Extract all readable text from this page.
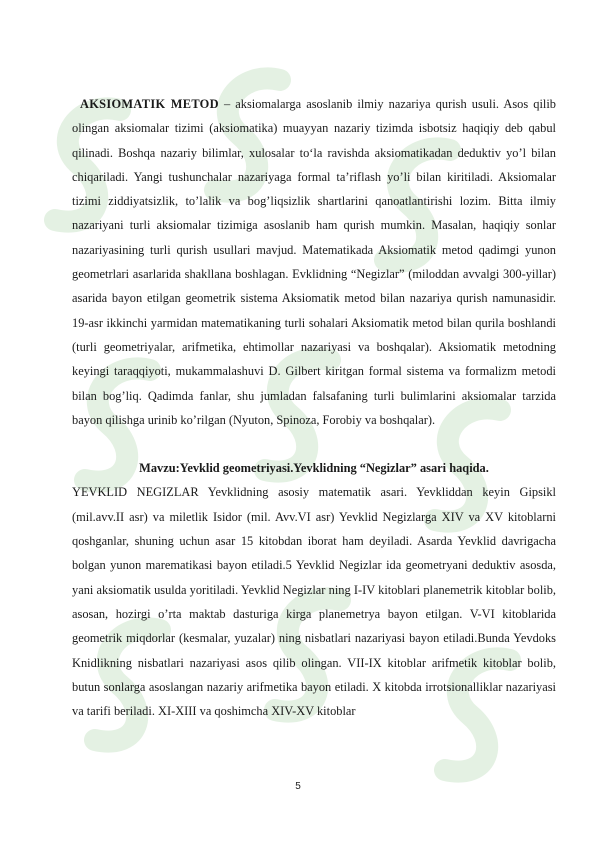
AKSIOMATIK METOD – aksiomalarga asoslanib ilmiy nazariya qurish usuli. Asos qilib olingan aksiomalar tizimi (aksiomatika) muayyan nazariy tizimda isbotsiz haqiqiy deb qabul qilinadi. Boshqa nazariy bilimlar, xulosalar toʻla ravishda aksiomatikadan deduktiv yo’l bilan chiqariladi. Yangi tushunchalar nazariyaga formal ta’riflash yo’li bilan kiritiladi. Aksiomalar tizimi ziddiyatsizlik, to’lalik va bog’liqsizlik shartlarini qanoatlantirishi lozim. Bitta ilmiy nazariyani turli aksiomalar tizimiga asoslanib ham qurish mumkin. Masalan, haqiqiy sonlar nazariyasining turli qurish usullari mavjud. Matematikada Aksiomatik metod qadimgi yunon geometrlari asarlarida shakllana boshlagan. Evklidning “Negizlar” (miloddan avvalgi 300-yillar) asarida bayon etilgan geometrik sistema Aksiomatik metod bilan nazariya qurish namunasidir. 19-asr ikkinchi yarmidan matematikaning turli sohalari Aksiomatik metod bilan qurila boshlandi (turli geometriyalar, arifmetika, ehtimollar nazariyasi va boshqalar). Aksiomatik metodning keyingi taraqqiyoti, mukammalashuvi D. Gilbert kiritgan formal sistema va formalizm metodi bilan bog’liq. Qadimda fanlar, shu jumladan falsafaning turli bulimlarini aksiomalar tarzida bayon qilishga urinib ko’rilgan (Nyuton, Spinoza, Forobiy va boshqalar).

Mavzu:Yevklid geometriyasi.Yevklidning “Negizlar” asari haqida.

YEVKLID NEGIZLAR Yevklidning asosiy matematik asari. Yevkliddan keyin Gipsikl (mil.avv.II asr) va miletlik Isidor (mil. Avv.VI asr) Yevklid Negizlarga XIV va XV kitoblarni qoshganlar, shuning uchun asar 15 kitobdan iborat ham deyiladi. Asarda Yevklid davrigacha bolgan yunon marematikasi bayon etiladi.5 Yevklid Negizlar ida geometryani deduktiv asosda, yani aksiomatik usulda yoritiladi. Yevklid Negizlar ning I-IV kitoblari planemetrik kitoblar bolib, asosan, hozirgi o’rta maktab dasturiga kirga planemetrya bayon etilgan. V-VI kitoblarida geometrik miqdorlar (kesmalar, yuzalar) ning nisbatlari nazariyasi bayon etiladi.Bunda Yevdoks Knidlikning nisbatlari nazariyasi asos qilib olingan. VII-IX kitoblar arifmetik kitoblar bolib, butun sonlarga asoslangan nazariy arifmetika bayon etiladi. X kitobda irrotsionalliklar nazariyasi va tarifi beriladi. XI-XIII va qoshimcha XIV-XV kitoblar

5
